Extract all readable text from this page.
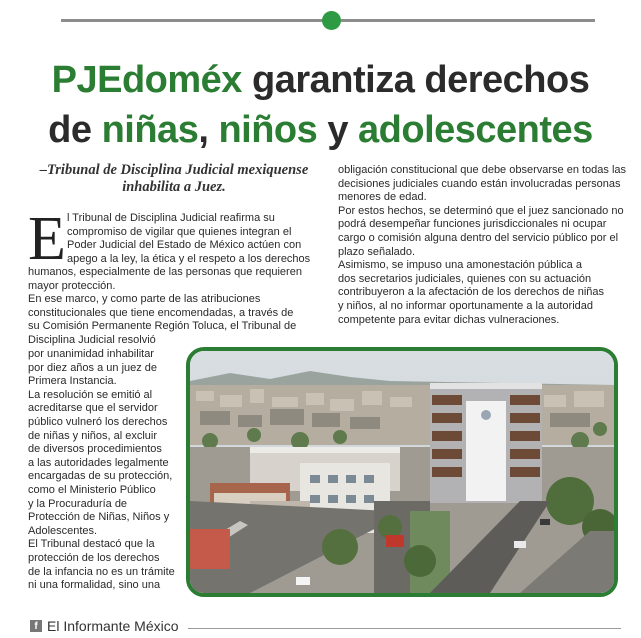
PJEdoméx garantiza derechos
de niñas, niños y adolescentes
–Tribunal de Disciplina Judicial mexiquense inhabilita a Juez.
E l Tribunal de Disciplina Judicial reafirma su

compromiso de vigilar que quienes integran el

Poder Judicial del Estado de México actúen con

apego a la ley, la ética y el respeto a los derechos

humanos, especialmente de las personas que requieren

mayor protección.

En ese marco, y como parte de las atribuciones

constitucionales que tiene encomendadas, a través de

su Comisión Permanente Región Toluca, el Tribunal de

Disciplina Judicial resolvió

por unanimidad inhabilitar

por diez años a un juez de

Primera Instancia.

La resolución se emitió al

acreditarse que el servidor

público vulneró los derechos

de niñas y niños, al excluir

de diversos procedimientos

a las autoridades legalmente

encargadas de su protección,

como el Ministerio Público

y la Procuraduría de

Protección de Niñas, Niños y

Adolescentes.

El Tribunal destacó que la

protección de los derechos

de la infancia no es un trámite

ni una formalidad, sino una

obligación constitucional que debe observarse en todas las

decisiones judiciales cuando están involucradas personas

menores de edad.

Por estos hechos, se determinó que el juez sancionado no

podrá desempeñar funciones jurisdiccionales ni ocupar

cargo o comisión alguna dentro del servicio público por el

plazo señalado.

Asimismo, se impuso una amonestación pública a

dos secretarios judiciales, quienes con su actuación

contribuyeron a la afectación de los derechos de niñas

y niños, al no informar oportunamente a la autoridad

competente para evitar dichas vulneraciones.

f El Informante México
